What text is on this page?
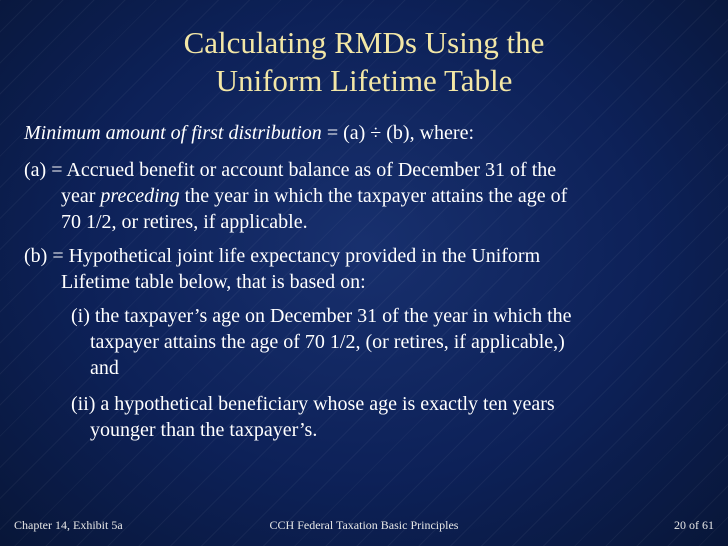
Calculating RMDs Using the
Uniform Lifetime Table
Minimum amount of first distribution = (a) ÷ (b), where:
(a) = Accrued benefit or account balance as of December 31 of the
year preceding the year in which the taxpayer attains the age of
70 1/2, or retires, if applicable.
(b) = Hypothetical joint life expectancy provided in the Uniform
Lifetime table below, that is based on:
(i) the taxpayer’s age on December 31 of the year in which the
taxpayer attains the age of 70 1/2, (or retires, if applicable,)
and
(ii) a hypothetical beneficiary whose age is exactly ten years
younger than the taxpayer’s.
Chapter 14, Exhibit 5a	CCH Federal Taxation Basic Principles	20 of 61
